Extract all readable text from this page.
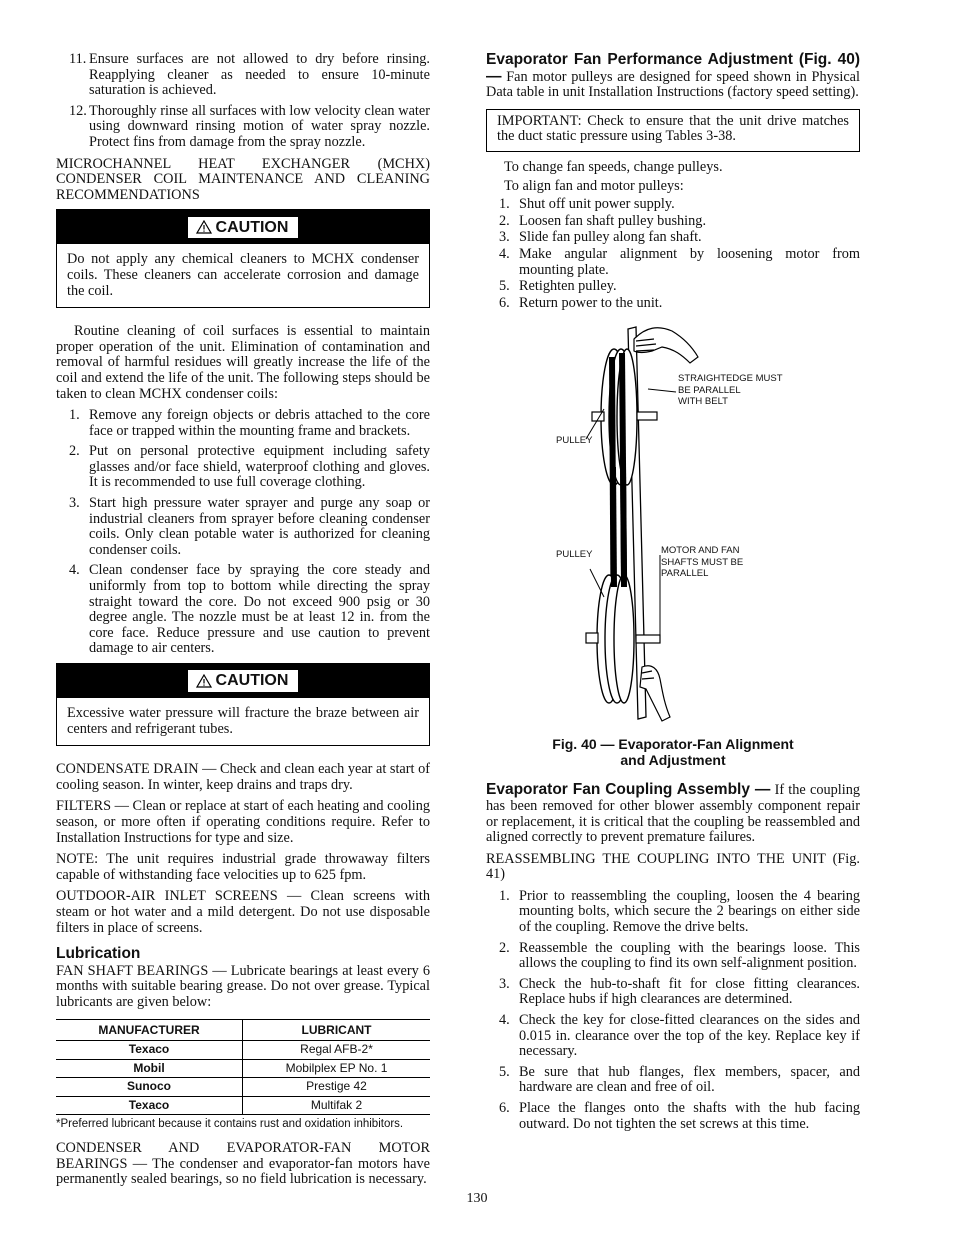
11. Ensure surfaces are not allowed to dry before rinsing. Reapplying cleaner as needed to ensure 10-minute saturation is achieved.
12. Thoroughly rinse all surfaces with low velocity clean water using downward rinsing motion of water spray nozzle. Protect fins from damage from the spray nozzle.

MICROCHANNEL HEAT EXCHANGER (MCHX) CONDENSER COIL MAINTENANCE AND CLEANING RECOMMENDATIONS

CAUTION
Do not apply any chemical cleaners to MCHX condenser coils. These cleaners can accelerate corrosion and damage the coil.

Routine cleaning of coil surfaces is essential to maintain proper operation of the unit. Elimination of contamination and removal of harmful residues will greatly increase the life of the coil and extend the life of the unit. The following steps should be taken to clean MCHX condenser coils:

1. Remove any foreign objects or debris attached to the core face or trapped within the mounting frame and brackets.
2. Put on personal protective equipment including safety glasses and/or face shield, waterproof clothing and gloves. It is recommended to use full coverage clothing.
3. Start high pressure water sprayer and purge any soap or industrial cleaners from sprayer before cleaning condenser coils. Only clean potable water is authorized for cleaning condenser coils.
4. Clean condenser face by spraying the core steady and uniformly from top to bottom while directing the spray straight toward the core. Do not exceed 900 psig or 30 degree angle. The nozzle must be at least 12 in. from the core face. Reduce pressure and use caution to prevent damage to air centers.
CAUTION
Excessive water pressure will fracture the braze between air centers and refrigerant tubes.

CONDENSATE DRAIN — Check and clean each year at start of cooling season. In winter, keep drains and traps dry.

FILTERS — Clean or replace at start of each heating and cooling season, or more often if operating conditions require. Refer to Installation Instructions for type and size.

NOTE: The unit requires industrial grade throwaway filters capable of withstanding face velocities up to 625 fpm.

OUTDOOR-AIR INLET SCREENS — Clean screens with steam or hot water and a mild detergent. Do not use disposable filters in place of screens.

Lubrication

FAN SHAFT BEARINGS — Lubricate bearings at least every 6 months with suitable bearing grease. Do not over grease. Typical lubricants are given below:

MANUFACTURER	LUBRICANT
Texaco	Regal AFB-2*
Mobil	Mobilplex EP No. 1
Sunoco	Prestige 42
Texaco	Multifak 2
*Preferred lubricant because it contains rust and oxidation inhibitors.

CONDENSER AND EVAPORATOR-FAN MOTOR BEARINGS — The condenser and evaporator-fan motors have permanently sealed bearings, so no field lubrication is necessary.

Evaporator Fan Performance Adjustment (Fig. 40) — Fan motor pulleys are designed for speed shown in Physical Data table in unit Installation Instructions (factory speed setting).

IMPORTANT: Check to ensure that the unit drive matches the duct static pressure using Tables 3-38.

To change fan speeds, change pulleys.

To align fan and motor pulleys:

1. Shut off unit power supply.
2. Loosen fan shaft pulley bushing.
3. Slide fan pulley along fan shaft.
4. Make angular alignment by loosening motor from mounting plate.
5. Retighten pulley.
6. Return power to the unit.
STRAIGHTEDGE MUST
BE PARALLEL
WITH BELT
PULLEY
PULLEY	MOTOR AND FAN
SHAFTS MUST BE
PARALLEL
Fig. 40 — Evaporator-Fan Alignment
and Adjustment

Evaporator Fan Coupling Assembly — If the coupling has been removed for other blower assembly component repair or replacement, it is critical that the coupling be reassembled and aligned correctly to prevent premature failures.

REASSEMBLING THE COUPLING INTO THE UNIT (Fig. 41)

1. Prior to reassembling the coupling, loosen the 4 bearing mounting bolts, which secure the 2 bearings on either side of the coupling. Remove the drive belts.
2. Reassemble the coupling with the bearings loose. This allows the coupling to find its own self-alignment position.
3. Check the hub-to-shaft fit for close fitting clearances. Replace hubs if high clearances are determined.
4. Check the key for close-fitted clearances on the sides and 0.015 in. clearance over the top of the key. Replace key if necessary.
5. Be sure that hub flanges, flex members, spacer, and hardware are clean and free of oil.
6. Place the flanges onto the shafts with the hub facing outward. Do not tighten the set screws at this time.
130
